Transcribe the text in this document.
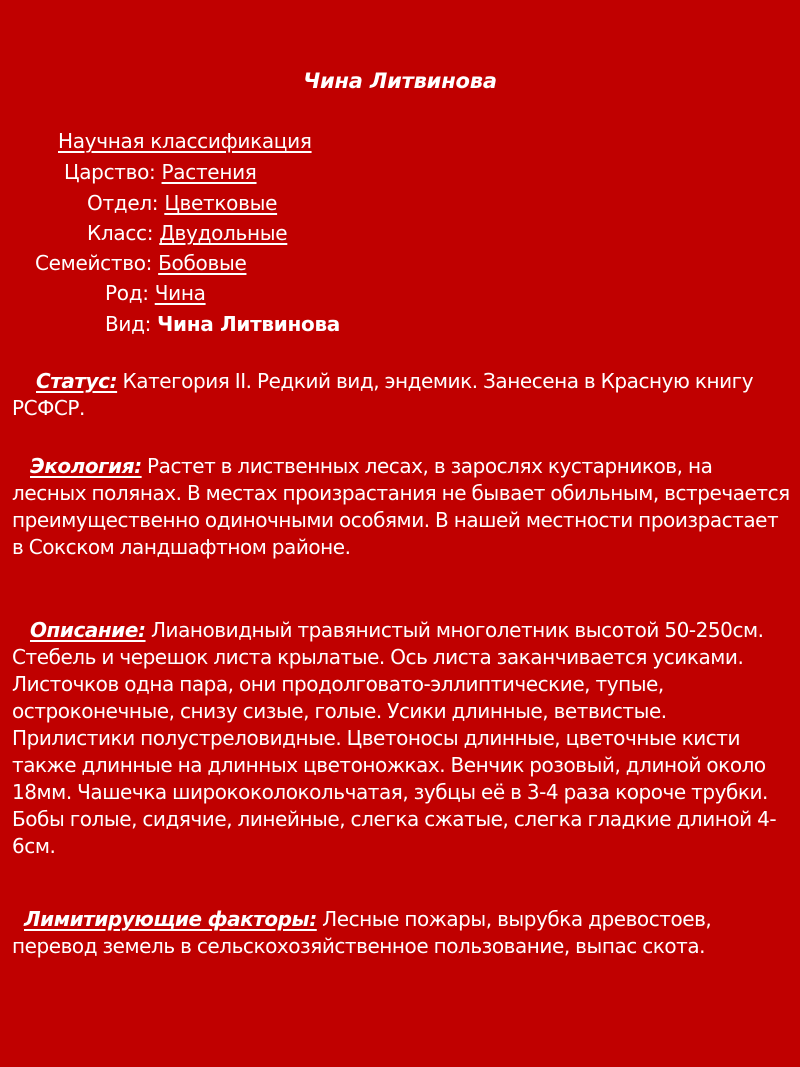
Чина Литвинова
Научная классификация
Царство: Растения
Отдел: Цветковые
Класс: Двудольные
Семейство: Бобовые
Род: Чина
Вид: Чина Литвинова
Статус: Категория II. Редкий вид, эндемик. Занесена в Красную книгу РСФСР.
Экология: Растет в лиственных лесах, в зарослях кустарников, на лесных полянах. В местах произрастания не бывает обильным, встречается преимущественно одиночными особями. В нашей местности произрастает в Сокском ландшафтном районе.
Описание: Лиановидный травянистый многолетник высотой 50-250см. Стебель и черешок листа крылатые. Ось листа заканчивается усиками. Листочков одна пара, они продолговато-эллиптические, тупые, остроконечные, снизу сизые, голые. Усики длинные, ветвистые. Прилистики полустреловидные. Цветоносы длинные, цветочные кисти также длинные на длинных цветоножках. Венчик розовый, длиной около 18мм. Чашечка ширококолокольчатая, зубцы её в 3-4 раза короче трубки. Бобы голые, сидячие, линейные, слегка сжатые, слегка гладкие длиной 4-6см.
Лимитирующие факторы: Лесные пожары, вырубка древостоев, перевод земель в сельскохозяйственное пользование, выпас скота.
